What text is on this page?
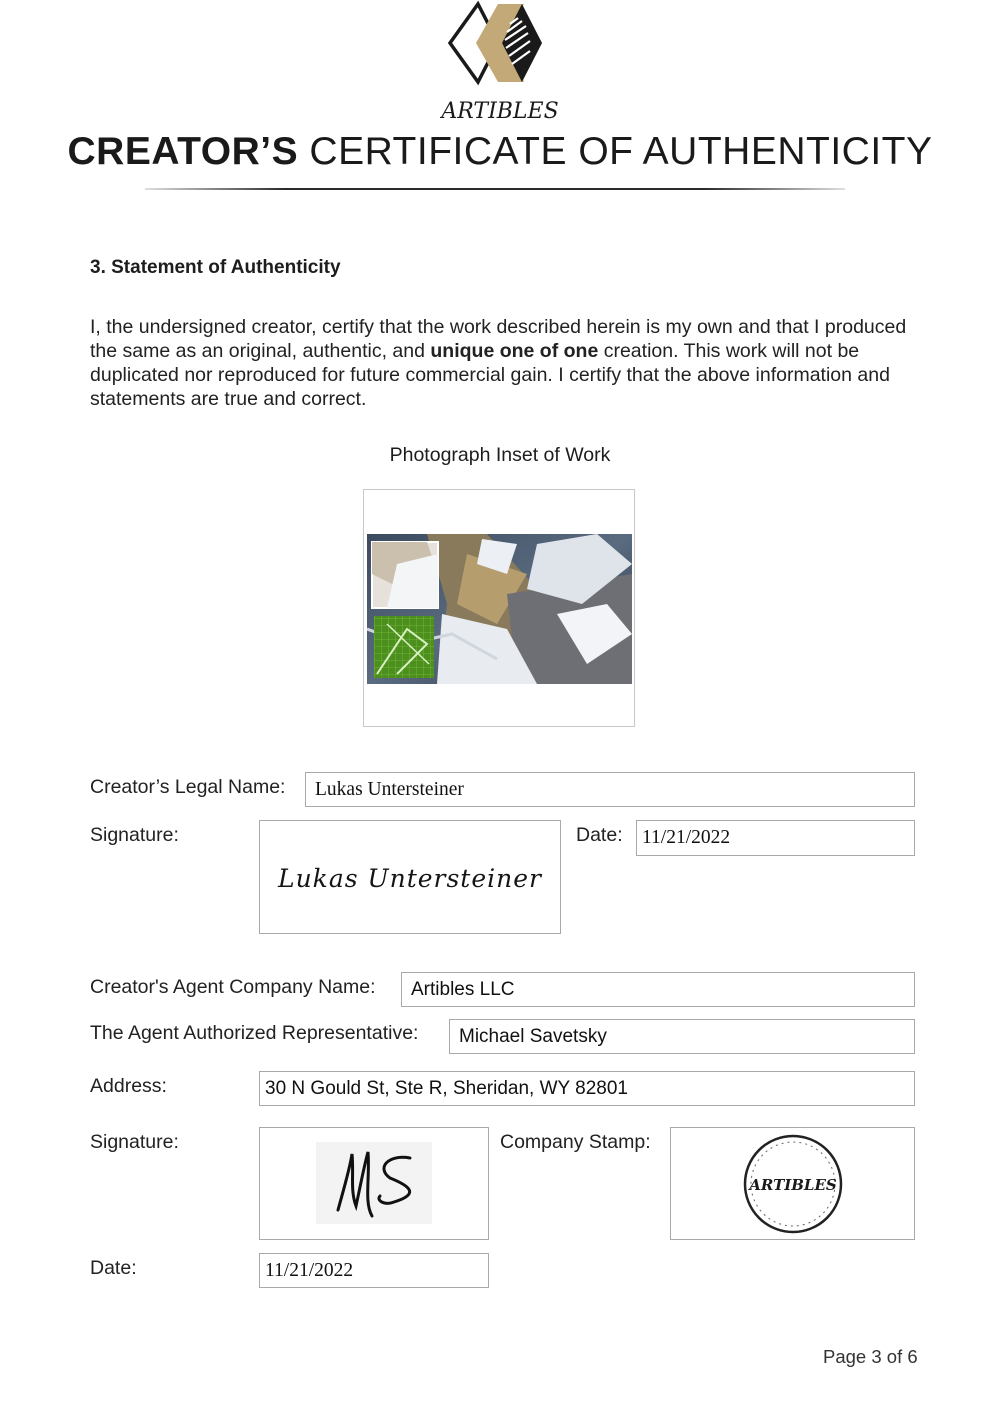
ARTIBLES
CREATOR’S CERTIFICATE OF AUTHENTICITY
3. Statement of Authenticity
I, the undersigned creator, certify that the work described herein is my own and that I produced the same as an original, authentic, and unique one of one creation. This work will not be duplicated nor reproduced for future commercial gain. I certify that the above information and statements are true and correct.
Photograph Inset of Work
Creator’s Legal Name:	Lukas Untersteiner
Signature:
Lukas Untersteiner
Date: 11/21/2022
Creator's Agent Company Name:	Artibles LLC
The Agent Authorized Representative:	Michael Savetsky
Address:	30 N Gould St, Ste R, Sheridan, WY 82801
Signature:	Company Stamp:
ARTIBLES
Date:	11/21/2022
Page 3 of 6
